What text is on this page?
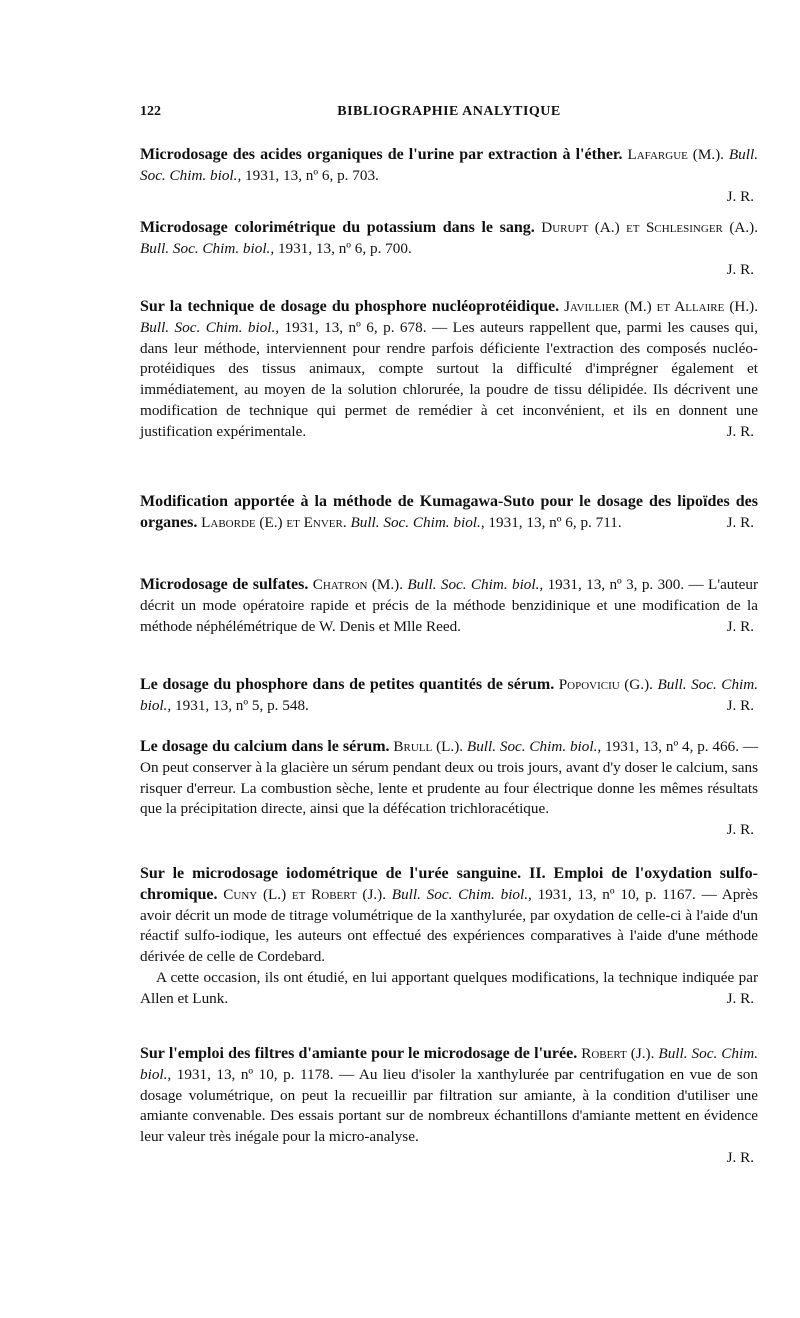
122	BIBLIOGRAPHIE ANALYTIQUE

Microdosage des acides organiques de l'urine par extraction à l'éther. Lafargue (M.). Bull. Soc. Chim. biol., 1931, 13, nº 6, p. 703.
J. R.

Microdosage colorimétrique du potassium dans le sang. Durupt (A.) et Schlesinger (A.). Bull. Soc. Chim. biol., 1931, 13, nº 6, p. 700.
J. R.

Sur la technique de dosage du phosphore nucléoprotéidique. Javillier (M.) et Allaire (H.). Bull. Soc. Chim. biol., 1931, 13, nº 6, p. 678. — Les auteurs rappellent que, parmi les causes qui, dans leur méthode, interviennent pour rendre parfois déficiente l'extraction des composés nucléo-protéidiques des tissus animaux, compte surtout la difficulté d'imprégner également et immédiatement, au moyen de la solution chlorurée, la poudre de tissu délipidée. Ils décrivent une modification de technique qui permet de remédier à cet inconvénient, et ils en donnent une justification expérimentale.	J. R.

Modification apportée à la méthode de Kumagawa-Suto pour le dosage des lipoïdes des organes. Laborde (E.) et Enver. Bull. Soc. Chim. biol., 1931, 13, nº 6, p. 711.	J. R.

Microdosage de sulfates. Chatron (M.). Bull. Soc. Chim. biol., 1931, 13, nº 3, p. 300. — L'auteur décrit un mode opératoire rapide et précis de la méthode benzidinique et une modification de la méthode néphélémétrique de W. Denis et Mlle Reed.	J. R.

Le dosage du phosphore dans de petites quantités de sérum. Popoviciu (G.). Bull. Soc. Chim. biol., 1931, 13, nº 5, p. 548.	J. R.

Le dosage du calcium dans le sérum. Brull (L.). Bull. Soc. Chim. biol., 1931, 13, nº 4, p. 466. — On peut conserver à la glacière un sérum pendant deux ou trois jours, avant d'y doser le calcium, sans risquer d'erreur. La combustion sèche, lente et prudente au four électrique donne les mêmes résultats que la précipitation directe, ainsi que la défécation trichloracétique.
J. R.

Sur le microdosage iodométrique de l'urée sanguine. II. Emploi de l'oxydation sulfo-chromique. Cuny (L.) et Robert (J.). Bull. Soc. Chim. biol., 1931, 13, nº 10, p. 1167. — Après avoir décrit un mode de titrage volumétrique de la xanthylurée, par oxydation de celle-ci à l'aide d'un réactif sulfo-iodique, les auteurs ont effectué des expériences comparatives à l'aide d'une méthode dérivée de celle de Cordebard.

A cette occasion, ils ont étudié, en lui apportant quelques modifications, la technique indiquée par Allen et Lunk.	J. R.

Sur l'emploi des filtres d'amiante pour le microdosage de l'urée. Robert (J.). Bull. Soc. Chim. biol., 1931, 13, nº 10, p. 1178. — Au lieu d'isoler la xanthylurée par centrifugation en vue de son dosage volumétrique, on peut la recueillir par filtration sur amiante, à la condition d'utiliser une amiante convenable. Des essais portant sur de nombreux échantillons d'amiante mettent en évidence leur valeur très inégale pour la micro-analyse.
J. R.
